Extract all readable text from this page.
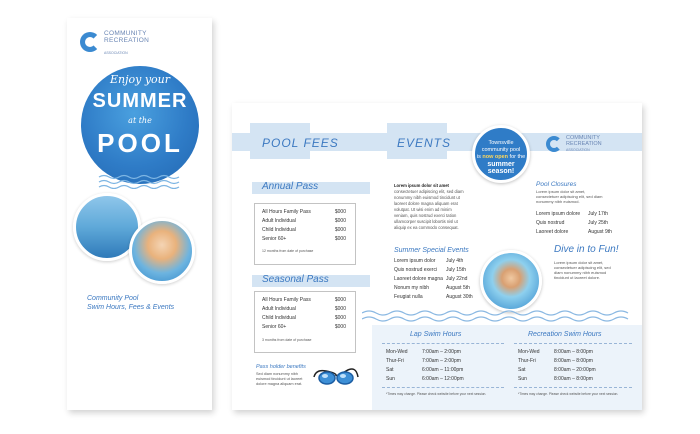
COMMUNITY
RECREATION
ASSOCIATION
Enjoy your
SUMMER
at the
POOL
Community Pool
Swim Hours, Fees & Events
POOL FEES	EVENTS	Townsville
community pool
is now open for the
summer
season!
COMMUNITY
RECREATION
ASSOCIATION
Annual Pass
All Hours Family Pass	$000
Adult Individual	$000
Child Individual	$000
Senior 60+	$000
12 months from date of purchase
Seasonal Pass
All Hours Family Pass	$000
Adult Individual	$000
Child Individual	$000
Senior 60+	$000
3 months from date of purchase
Pass holder benefits
Sed diam nonummy nibh euismod tincidunt ut laoreet dolore magna aliquam erat.
Lorem ipsum dolor sit amet consectetuer adipiscing elit, sed diam nonummy nibh euismod tincidunt ut laoreet dolore magna aliquam erat volutpat. Ut wisi enim ad minim veniam, quis nostrud exerci tation ullamcorper suscipit lobortis nisl ut aliquip ex ea commodo consequat.
Summer Special Events
Lorem ipsum dolor July 4th
Quis nostrud exerci July 15th
Laoreet dolore magna July 22nd
Nonum my nibh	August 5th
Feugiat nulla	August 30th
Pool Closures
Lorem ipsum dolor sit amet, consectetuer adipiscing elit, sed diam nonummy nibh euismod.
Lorem ipsum dolore July 17th
Quis nostrud	July 25th
Laoreet dolore	August 9th
Dive in to Fun!
Lorem ipsum dolor sit amet, consectetuer adipiscing elit, sed diam nonummy nibh euismod tincidunt ut laoreet dolore.
Lap Swim Hours
Mon-Wed	7:00am – 2:00pm
Thur-Fri	7:00am – 2:00pm
Sat	6:00am – 11:00pm
Sun	6:00am – 12:00pm
*Times may change. Please check website before your next session.
Recreation Swim Hours
Mon-Wed	8:00am – 8:00pm
Thur-Fri	8:00am – 8:00pm
Sat	8:00am – 20:00pm
Sun	8:00am – 8:00pm
*Times may change. Please check website before your next session.
